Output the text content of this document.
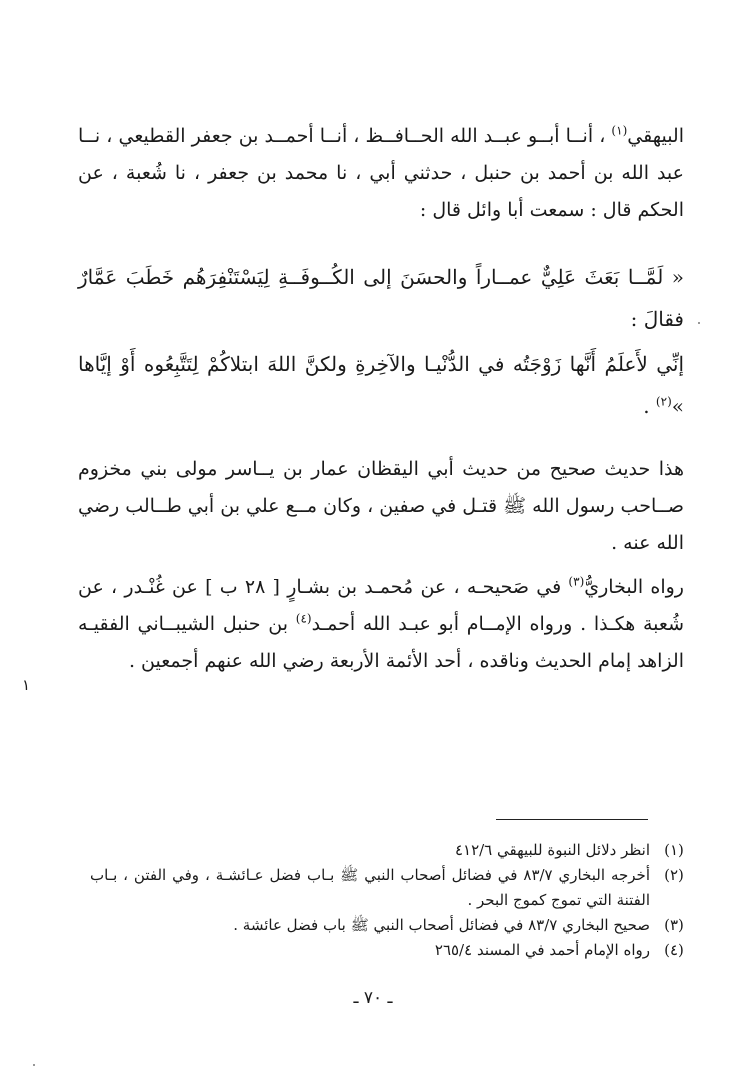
البيهقي$^{(١)}$ ، أنــا أبــو عبــد الله الحــافــظ ، أنــا أحمــد بن جعفر القطيعي ، نــا عبد الله بن أحمد بن حنبل ، حدثني أبي ، نا محمد بن جعفر ، نا شُعبة ، عن الحكم قال : سمعت أبا وائل قال :

« لَمَّــا بَعَثَ عَلِيٌّ عمــاراً والحسَنَ إلى الكُــوفَــةِ لِيَسْتَنْفِرَهُم خَطَبَ عَمَّارٌ فقالَ :

إنِّي لأَعلَمُ أَنَّها زَوْجَتُه في الدُّنْيـا والآخِرةِ ولكنَّ اللهَ ابتلاكُمْ لِتَتَّبِعُوه أَوْ إيَّاها »$^{(٢)}$ .

هذا حديث صحيح من حديث أبي اليقظان عمار بن يــاسر مولى بني مخزوم صــاحب رسول الله ﷺ قتـل في صفين ، وكان مــع علي بن أبي طــالب رضي الله عنه .

رواه البخاريُّ$^{(٣)}$ في صَحيحـه ، عن مُحمـد بن بشـارٍ [ ٢٨ ب ] عن غُنْـدر ، عن شُعبة هكـذا . ورواه الإمــام أبو عبـد الله أحمـد$^{(٤)}$ بن حنبل الشيبــاني الفقيـه الزاهد إمام الحديث وناقده ، أحد الأئمة الأربعة رضي الله عنهم أجمعين .

١
(١)
انظر دلائل النبوة للبيهقي ٤١٢/٦
(٢)
أخرجه البخاري ٨٣/٧ في فضائل أصحاب النبي ﷺ بـاب فضل عـائشـة ، وفي الفتن ، بـاب الفتنة التي تموج كموج البحر .
(٣)
صحيح البخاري ٨٣/٧ في فضائل أصحاب النبي ﷺ باب فضل عائشة .
(٤)
رواه الإمام أحمد في المسند ٢٦٥/٤
ـ ٧٠ ـ
